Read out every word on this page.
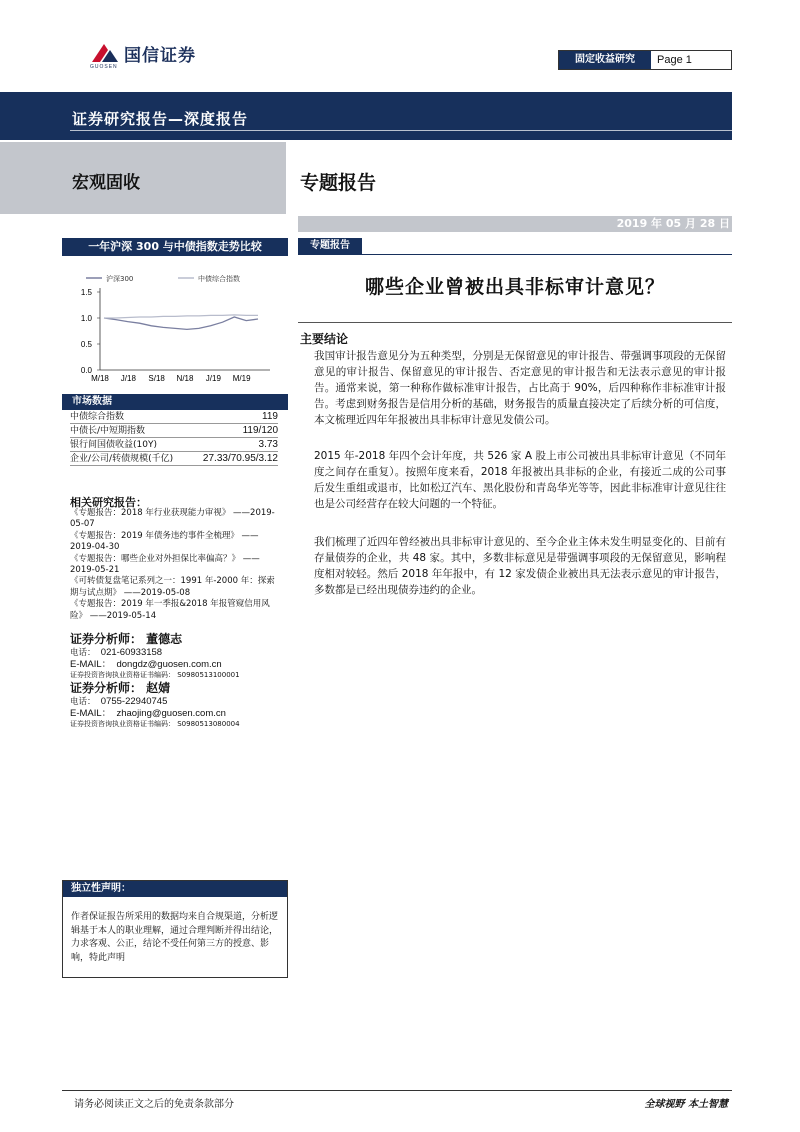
国信证券
GUOSEN
固定收益研究	Page 1
证券研究报告—深度报告
宏观固收	专题报告
2019 年 05 月 28 日
一年沪深 300 与中债指数走势比较
沪深300	中债综合指数
1.5
1.0
0.5
0.0
M/18 J/18 S/18 N/18 J/19 M/19
市场数据
中债综合指数	119
中债长/中短期指数	119/120
银行间国债收益(10Y)	3.73
企业/公司/转债规模(千亿)	27.33/70.95/3.12
相关研究报告：
《专题报告：2018 年行业获现能力审视》 ——2019-05-07
《专题报告：2019 年债务违约事件全梳理》 ——2019-04-30
《专题报告：哪些企业对外担保比率偏高？》 ——2019-05-21
《可转债复盘笔记系列之一：1991 年-2000 年：探索期与试点期》 ——2019-05-08
《专题报告：2019 年一季报&2018 年报管窥信用风险》 ——2019-05-14
证券分析师： 董德志
电话： 021-60933158
E-MAIL： dongdz@guosen.com.cn
证券投资咨询执业资格证书编码： S0980513100001
证券分析师： 赵婧
电话： 0755-22940745
E-MAIL： zhaojing@guosen.com.cn
证券投资咨询执业资格证书编码： S0980513080004
独立性声明：
作者保证报告所采用的数据均来自合规渠道，分析逻辑基于本人的职业理解，通过合理判断并得出结论，力求客观、公正，结论不受任何第三方的授意、影响，特此声明
专题报告
哪些企业曾被出具非标审计意见？
主要结论
我国审计报告意见分为五种类型，分别是无保留意见的审计报告、带强调事项段的无保留意见的审计报告、保留意见的审计报告、否定意见的审计报告和无法表示意见的审计报告。通常来说，第一种称作做标准审计报告，占比高于 90%，后四种称作非标准审计报告。考虑到财务报告是信用分析的基础，财务报告的质量直接决定了后续分析的可信度，本文梳理近四年年报被出具非标审计意见发债公司。
2015 年-2018 年四个会计年度，共 526 家 A 股上市公司被出具非标审计意见（不同年度之间存在重复）。按照年度来看，2018 年报被出具非标的企业，有接近二成的公司事后发生重组或退市，比如松辽汽车、黑化股份和青岛华光等等，因此非标准审计意见往往也是公司经营存在较大问题的一个特征。
我们梳理了近四年曾经被出具非标审计意见的、至今企业主体未发生明显变化的、目前有存量债券的企业，共 48 家。其中，多数非标意见是带强调事项段的无保留意见，影响程度相对较轻。然后 2018 年年报中，有 12 家发债企业被出具无法表示意见的审计报告，多数都是已经出现债券违约的企业。
请务必阅读正文之后的免责条款部分	全球视野 本土智慧
